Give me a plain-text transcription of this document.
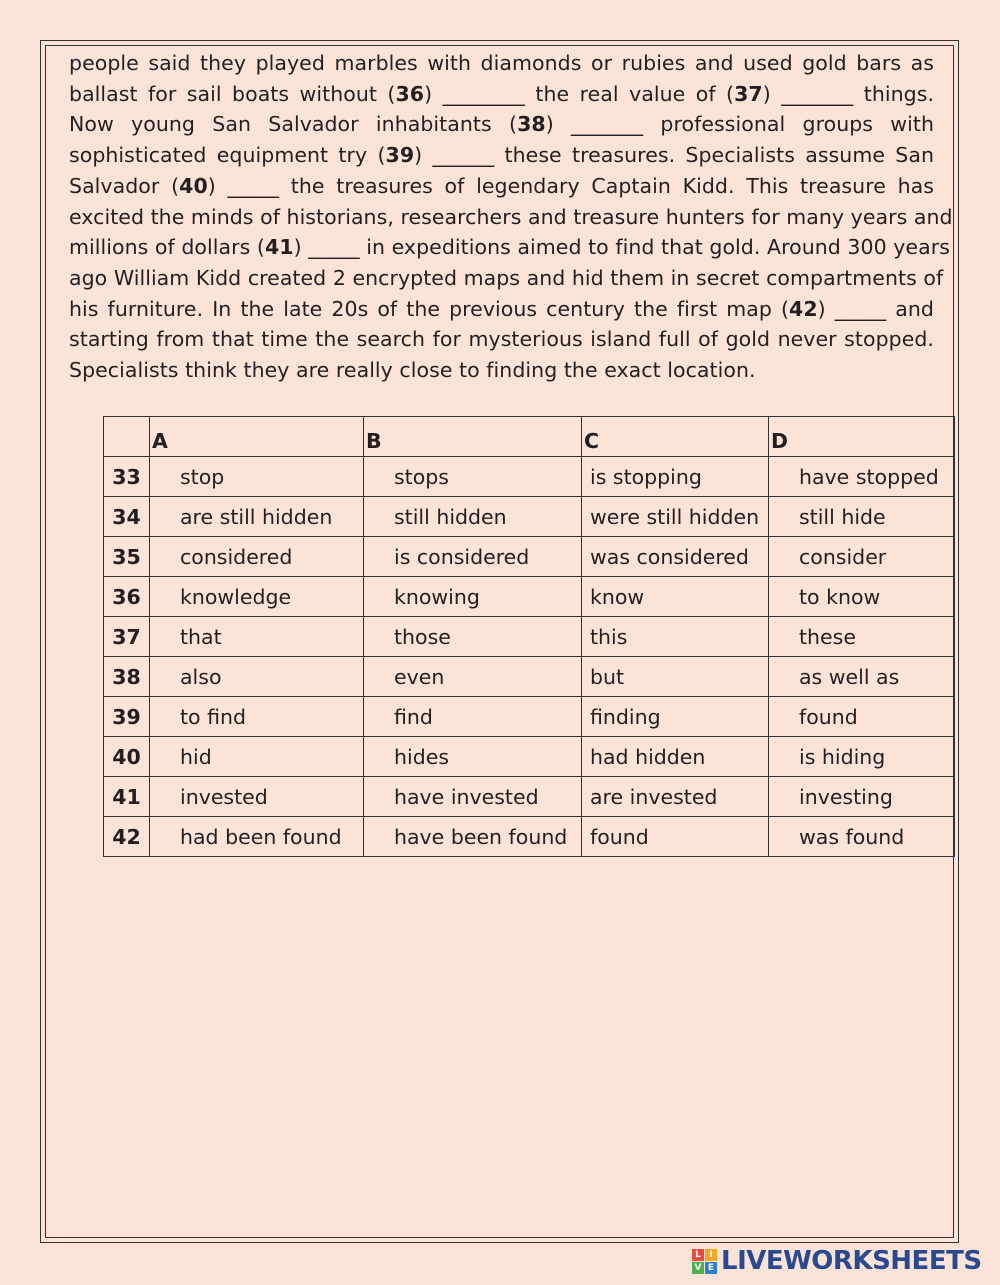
people said they played marbles with diamonds or rubies and used gold bars as
ballast for sail boats without (36) ________ the real value of (37) _______ things.
Now young San Salvador inhabitants (38) _______ professional groups with
sophisticated equipment try (39) ______ these treasures. Specialists assume San
Salvador (40) _____ the treasures of legendary Captain Kidd. This treasure has
excited the minds of historians, researchers and treasure hunters for many years and
millions of dollars (41) _____ in expeditions aimed to find that gold. Around 300 years
ago William Kidd created 2 encrypted maps and hid them in secret compartments of
his furniture. In the late 20s of the previous century the first map (42) _____ and
starting from that time the search for mysterious island full of gold never stopped.
Specialists think they are really close to finding the exact location.
	A	B	C	D
33	stop	stops	is stopping	have stopped
34	are still hidden	still hidden	were still hidden	still hide
35	considered	is considered	was considered	consider
36	knowledge	knowing	know	to know
37	that	those	this	these
38	also	even	but	as well as
39	to find	find	finding	found
40	hid	hides	had hidden	is hiding
41	invested	have invested	are invested	investing
42	had been found	have been found	found	was found
L I
V E LIVEWORKSHEETS
